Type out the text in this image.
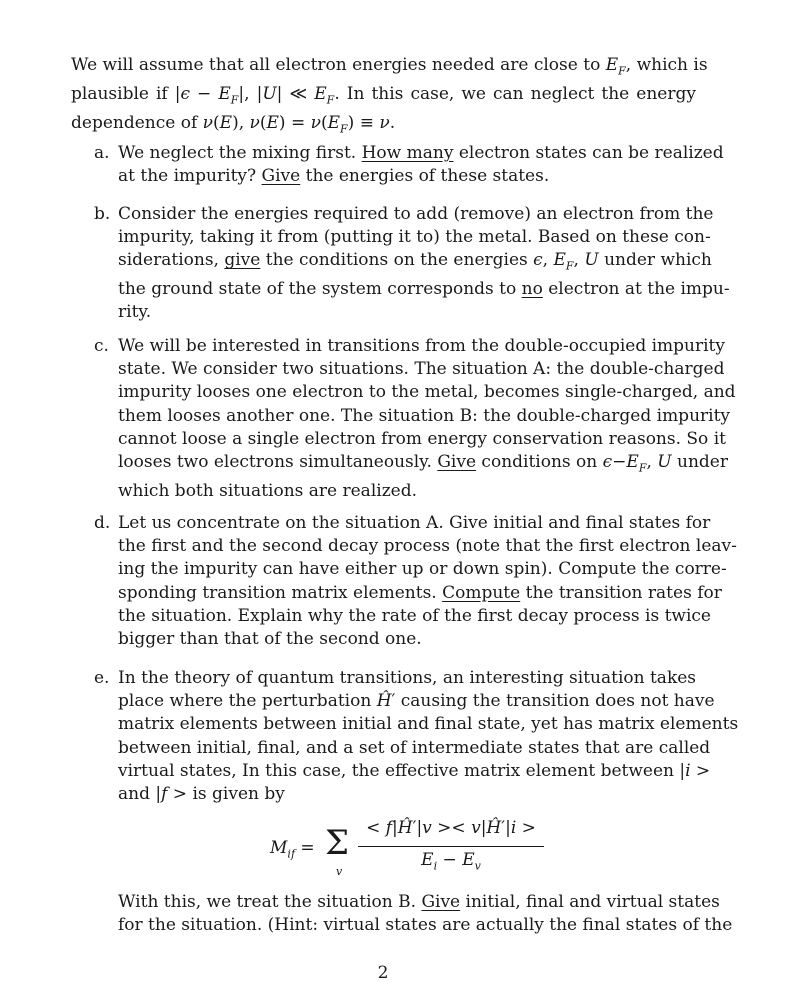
We will assume that all electron energies needed are close to $E_F$, which is
plausible if $|\epsilon - E_F|$, |U| ≪ $E_F$. In this case, we can neglect the energy
dependence of ν(E), $\nu(E) = \nu(E_F) \equiv \nu$.
a. We neglect the mixing first. How many electron states can be realized
at the impurity? Give the energies of these states.
b. Consider the energies required to add (remove) an electron from the
impurity, taking it from (putting it to) the metal. Based on these con-
siderations, give the conditions on the energies ϵ, $E_F$, U under which
the ground state of the system corresponds to no electron at the impu-
rity.
c. We will be interested in transitions from the double-occupied impurity
state. We consider two situations. The situation A: the double-charged
impurity looses one electron to the metal, becomes single-charged, and
them looses another one. The situation B: the double-charged impurity
cannot loose a single electron from energy conservation reasons. So it
looses two electrons simultaneously. Give conditions on $\epsilon-E_F$, U under
which both situations are realized.
d. Let us concentrate on the situation A. Give initial and final states for
the first and the second decay process (note that the first electron leav-
ing the impurity can have either up or down spin). Compute the corre-
sponding transition matrix elements. Compute the transition rates for
the situation. Explain why the rate of the first decay process is twice
bigger than that of the second one.
e. In the theory of quantum transitions, an interesting situation takes
place where the perturbation Ĥ′ causing the transition does not have
matrix elements between initial and final state, yet has matrix elements
between initial, final, and a set of intermediate states that are called
virtual states, In this case, the effective matrix element between |i >
and |f > is given by
$M_{if} = \Sigma$
v
< f|Ĥ′|v >< v|Ĥ′|i >
$E_i - E_v$
With this, we treat the situation B. Give initial, final and virtual states
for the situation. (Hint: virtual states are actually the final states of the
2
